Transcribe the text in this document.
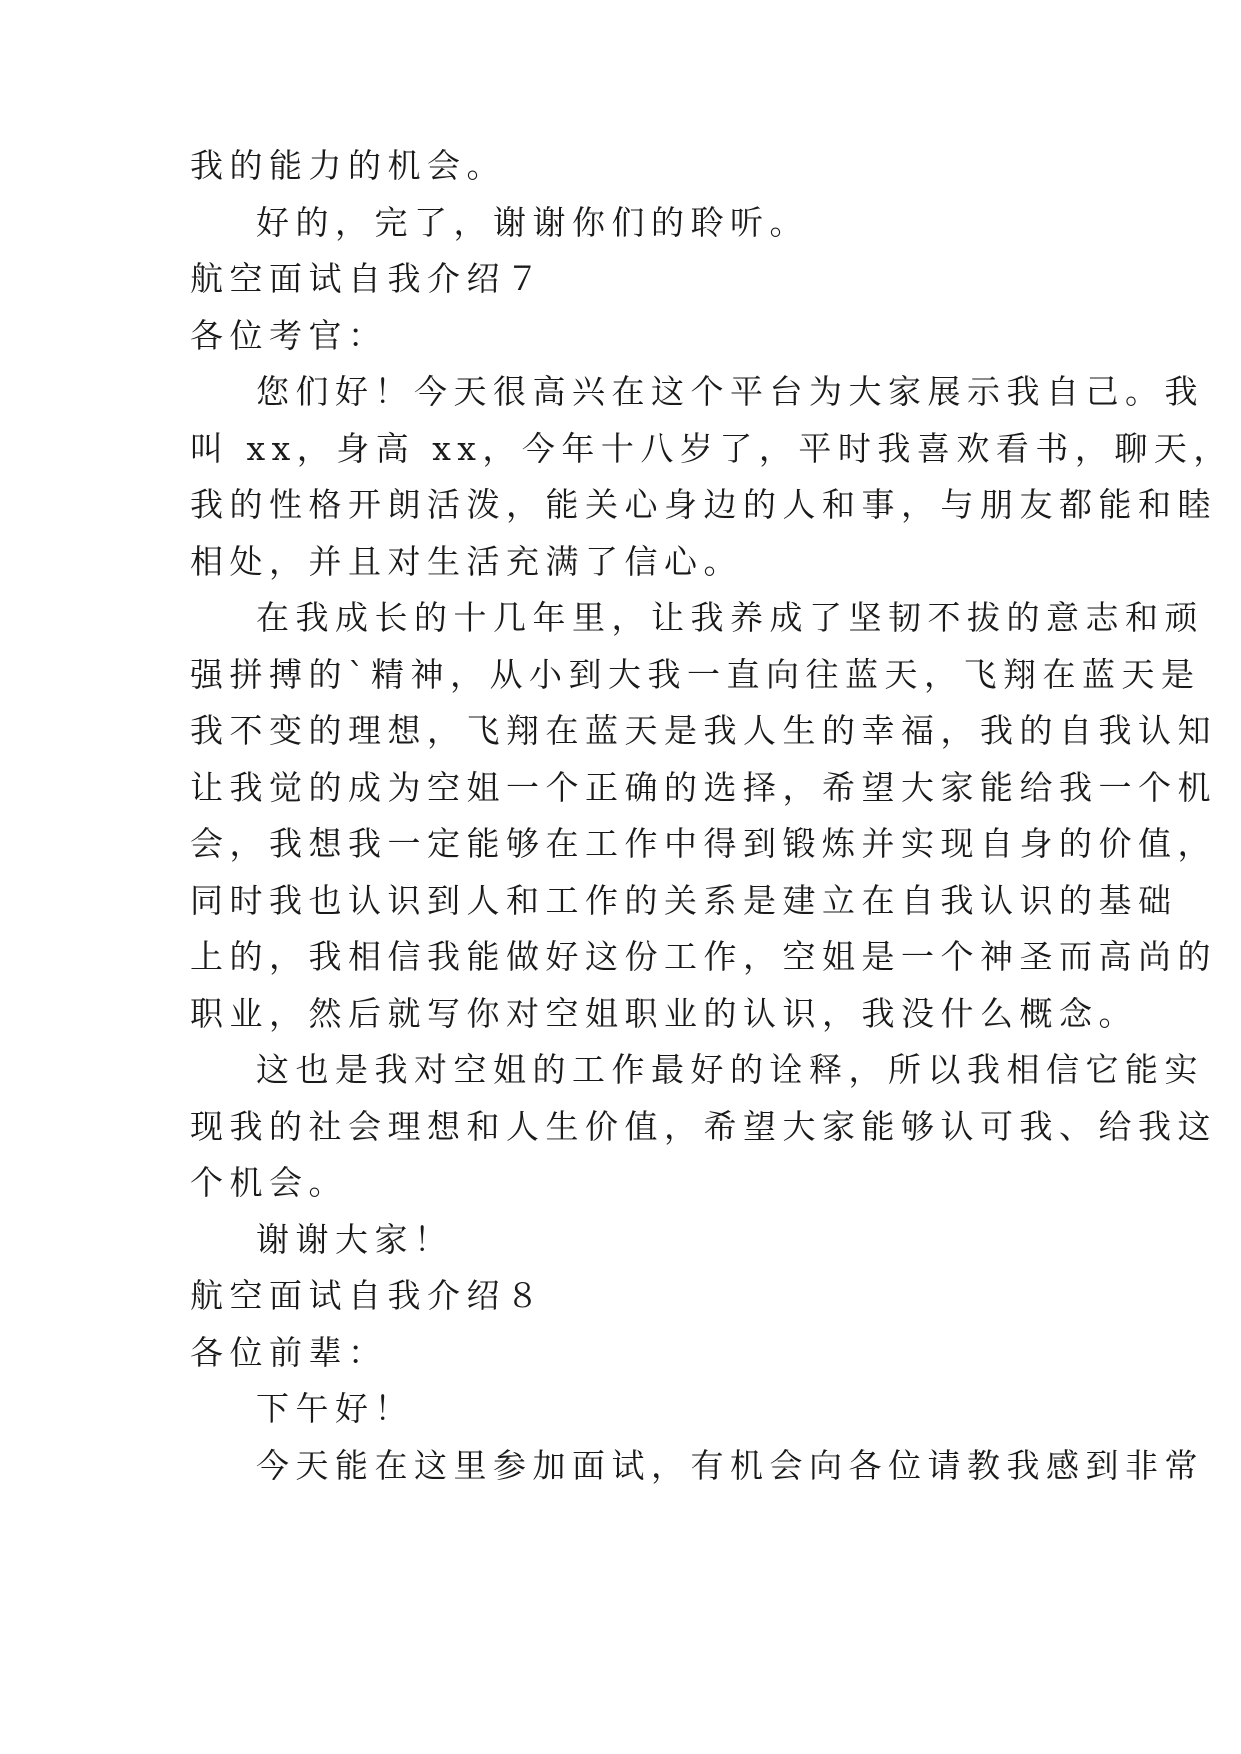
我的能力的机会。
好的，完了，谢谢你们的聆听。
航空面试自我介绍７
各位考官：
您们好！今天很高兴在这个平台为大家展示我自己。我
叫 xx，身高 xx，今年十八岁了，平时我喜欢看书，聊天，
我的性格开朗活泼，能关心身边的人和事，与朋友都能和睦
相处，并且对生活充满了信心。
在我成长的十几年里，让我养成了坚韧不拔的意志和顽
强拼搏的`精神，从小到大我一直向往蓝天，飞翔在蓝天是
我不变的理想，飞翔在蓝天是我人生的幸福，我的自我认知
让我觉的成为空姐一个正确的选择，希望大家能给我一个机
会，我想我一定能够在工作中得到锻炼并实现自身的价值，
同时我也认识到人和工作的关系是建立在自我认识的基础
上的，我相信我能做好这份工作，空姐是一个神圣而高尚的
职业，然后就写你对空姐职业的认识，我没什么概念。
这也是我对空姐的工作最好的诠释，所以我相信它能实
现我的社会理想和人生价值，希望大家能够认可我、给我这
个机会。
谢谢大家！
航空面试自我介绍８
各位前辈：
下午好！
今天能在这里参加面试，有机会向各位请教我感到非常
